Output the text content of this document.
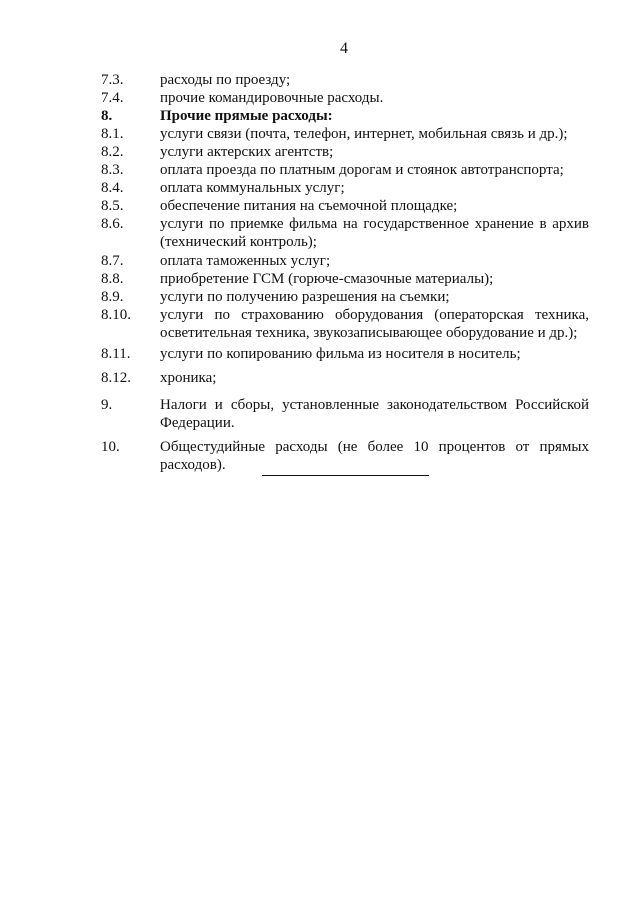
4
7.3.	расходы по проезду;
7.4.	прочие командировочные расходы.
8.	Прочие прямые расходы:
8.1.	услуги связи (почта, телефон, интернет, мобильная связь и др.);
8.2.	услуги актерских агентств;
8.3.	оплата проезда по платным дорогам и стоянок автотранспорта;
8.4.	оплата коммунальных услуг;
8.5.	обеспечение питания на съемочной площадке;
8.6.	услуги по приемке фильма на государственное хранение в архив (технический контроль);
8.7.	оплата таможенных услуг;
8.8.	приобретение ГСМ (горюче-смазочные материалы);
8.9.	услуги по получению разрешения на съемки;
8.10.	услуги по страхованию оборудования (операторская техника, осветительная техника, звукозаписывающее оборудование и др.);
8.11.	услуги по копированию фильма из носителя в носитель;
8.12.	хроника;
9.	Налоги и сборы, установленные законодательством Российской Федерации.
10.	Общестудийные расходы (не более 10 процентов от прямых расходов).
